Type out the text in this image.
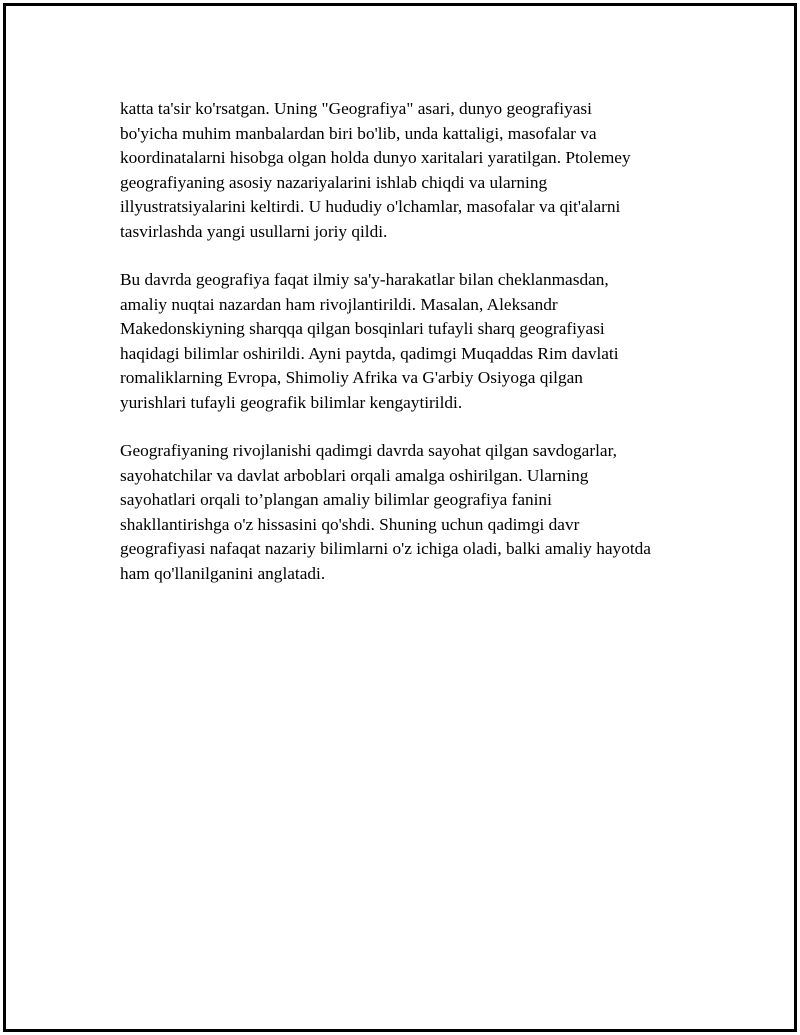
katta ta'sir ko'rsatgan. Uning "Geografiya" asari, dunyo geografiyasi
bo'yicha muhim manbalardan biri bo'lib, unda kattaligi, masofalar va
koordinatalarni hisobga olgan holda dunyo xaritalari yaratilgan. Ptolemey
geografiyaning asosiy nazariyalarini ishlab chiqdi va ularning
illyustratsiyalarini keltirdi. U hududiy o'lchamlar, masofalar va qit'alarni
tasvirlashda yangi usullarni joriy qildi.

Bu davrda geografiya faqat ilmiy sa'y-harakatlar bilan cheklanmasdan,
amaliy nuqtai nazardan ham rivojlantirildi. Masalan, Aleksandr
Makedonskiyning sharqqa qilgan bosqinlari tufayli sharq geografiyasi
haqidagi bilimlar oshirildi. Ayni paytda, qadimgi Muqaddas Rim davlati
romaliklarning Evropa, Shimoliy Afrika va G'arbiy Osiyoga qilgan
yurishlari tufayli geografik bilimlar kengaytirildi.

Geografiyaning rivojlanishi qadimgi davrda sayohat qilgan savdogarlar,
sayohatchilar va davlat arboblari orqali amalga oshirilgan. Ularning
sayohatlari orqali to’plangan amaliy bilimlar geografiya fanini
shakllantirishga o'z hissasini qo'shdi. Shuning uchun qadimgi davr
geografiyasi nafaqat nazariy bilimlarni o'z ichiga oladi, balki amaliy hayotda
ham qo'llanilganini anglatadi.
